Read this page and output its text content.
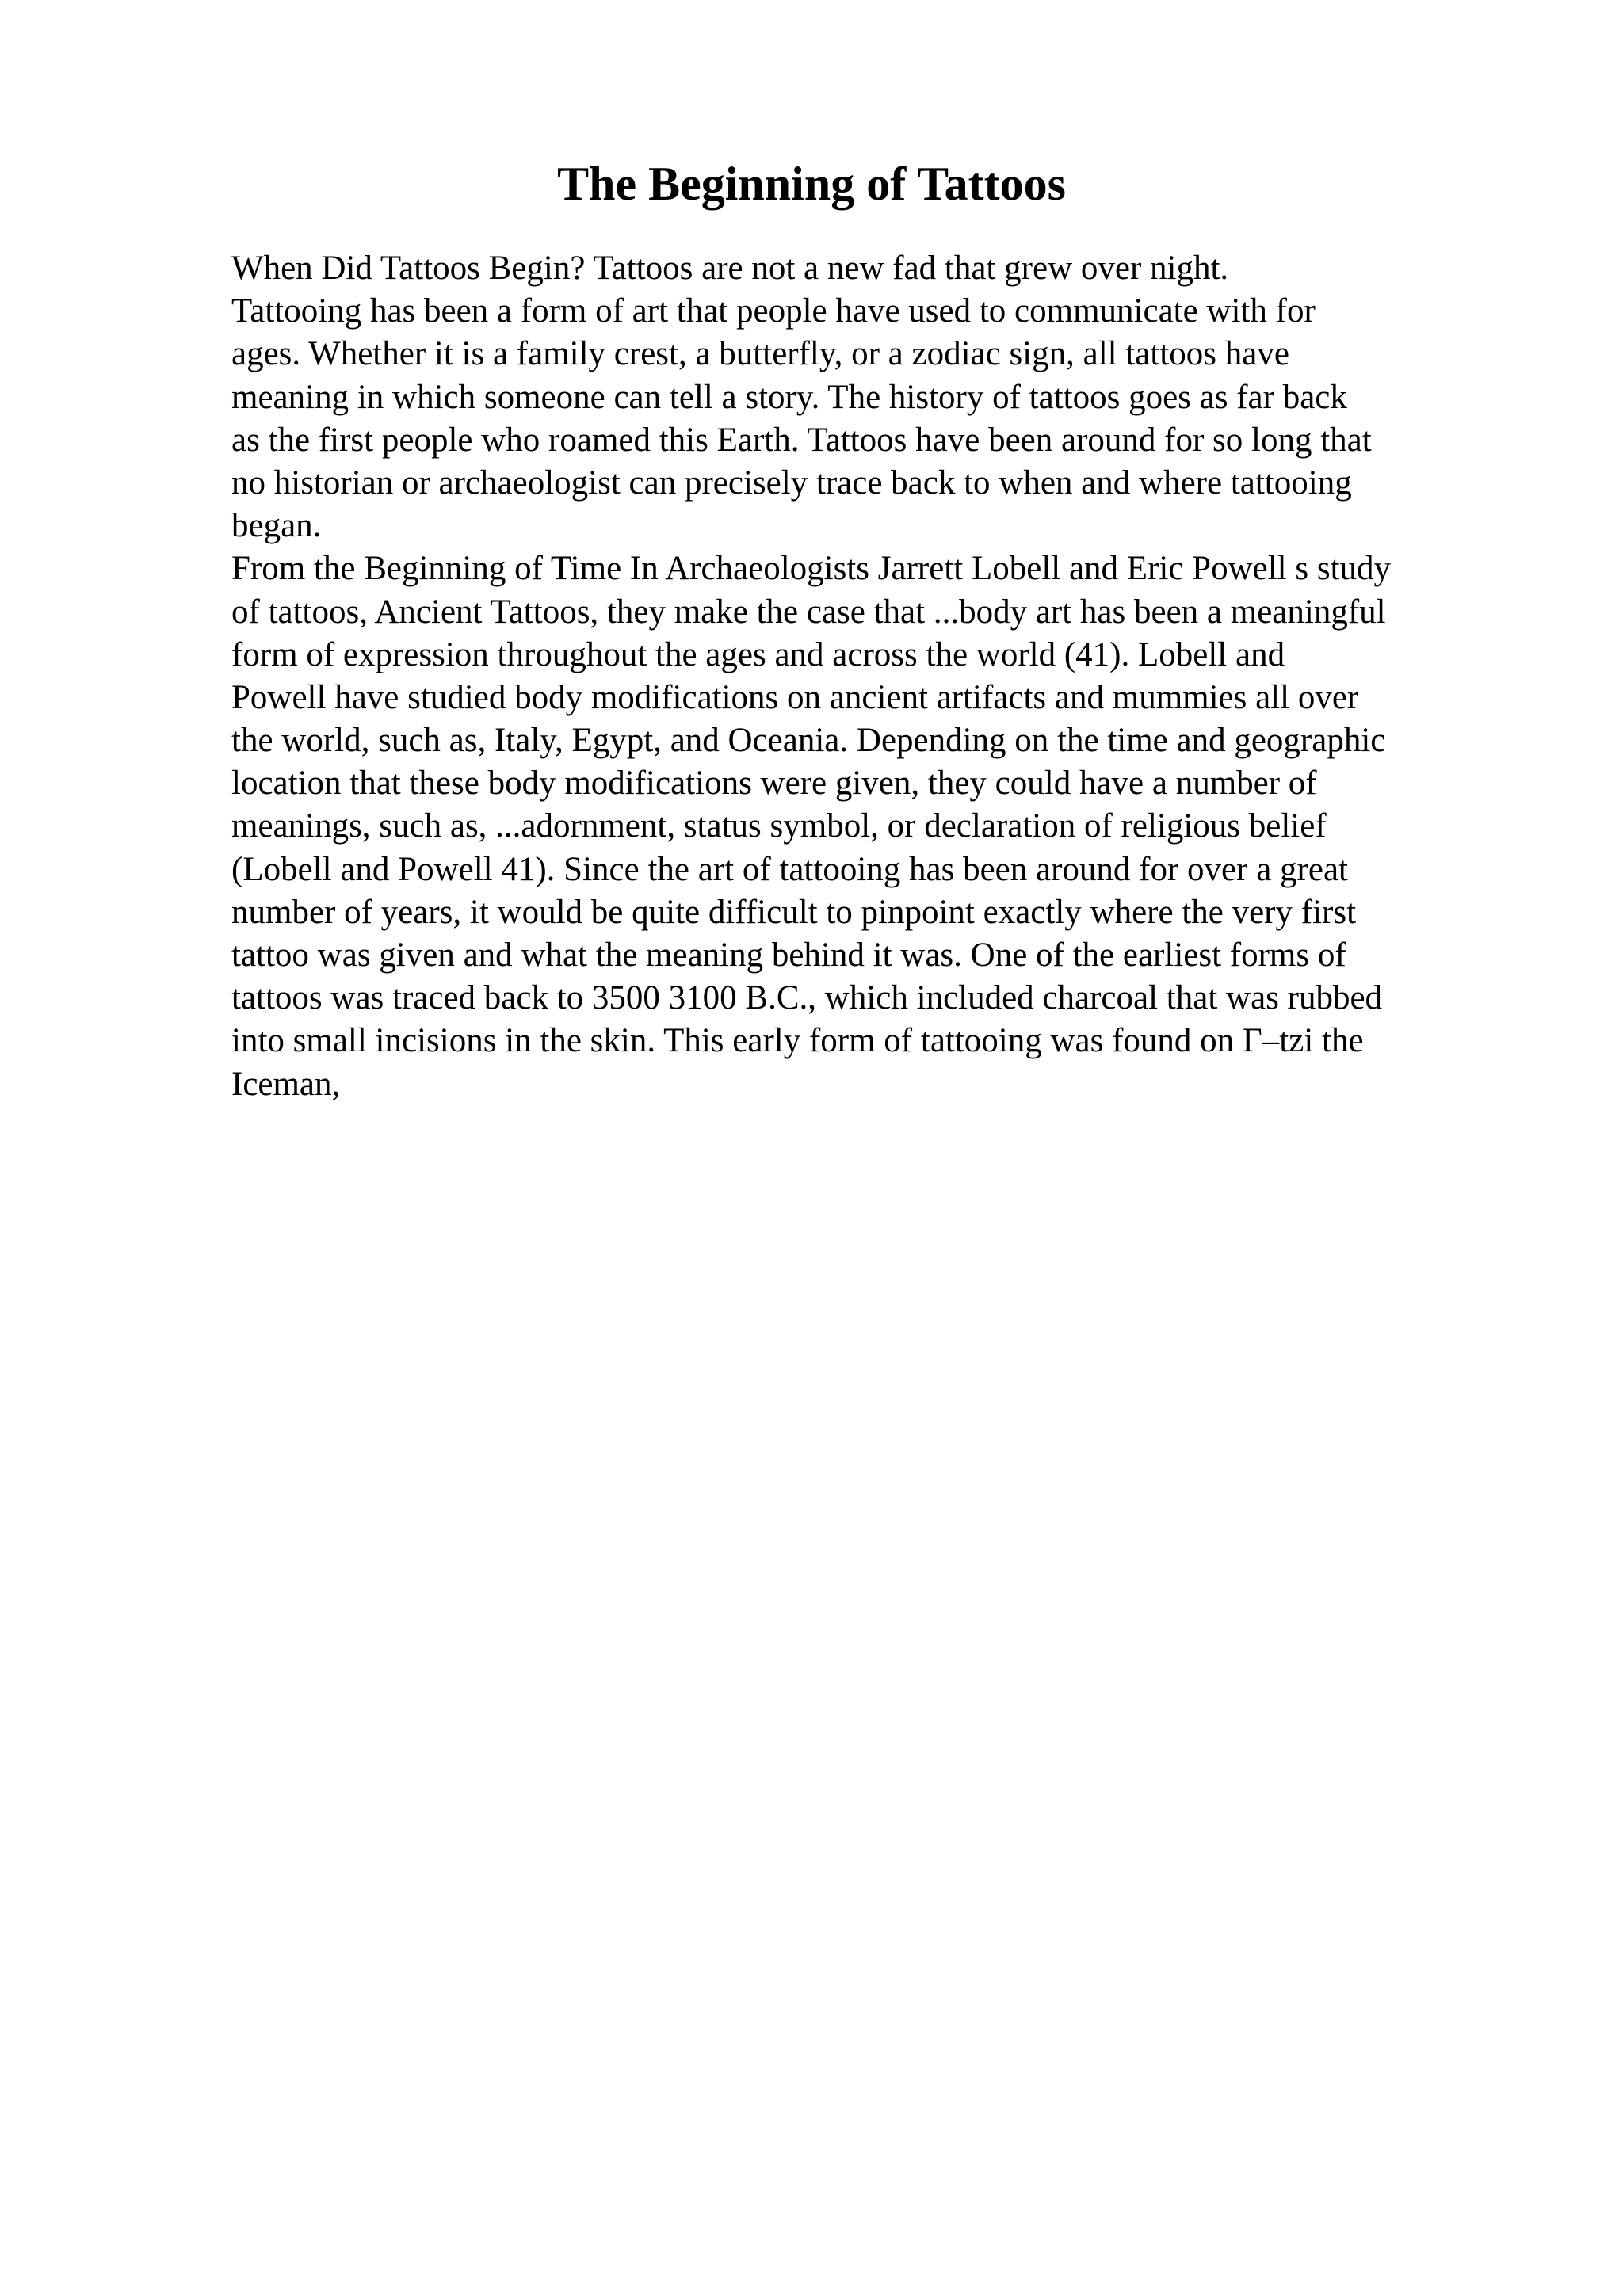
The Beginning of Tattoos
When Did Tattoos Begin? Tattoos are not a new fad that grew over night.
Tattooing has been a form of art that people have used to communicate with for
ages. Whether it is a family crest, a butterfly, or a zodiac sign, all tattoos have
meaning in which someone can tell a story. The history of tattoos goes as far back
as the first people who roamed this Earth. Tattoos have been around for so long that
no historian or archaeologist can precisely trace back to when and where tattooing
began.
From the Beginning of Time In Archaeologists Jarrett Lobell and Eric Powell s study
of tattoos, Ancient Tattoos, they make the case that ...body art has been a meaningful
form of expression throughout the ages and across the world (41). Lobell and
Powell have studied body modifications on ancient artifacts and mummies all over
the world, such as, Italy, Egypt, and Oceania. Depending on the time and geographic
location that these body modifications were given, they could have a number of
meanings, such as, ...adornment, status symbol, or declaration of religious belief
(Lobell and Powell 41). Since the art of tattooing has been around for over a great
number of years, it would be quite difficult to pinpoint exactly where the very first
tattoo was given and what the meaning behind it was. One of the earliest forms of
tattoos was traced back to 3500 3100 B.C., which included charcoal that was rubbed
into small incisions in the skin. This early form of tattooing was found on Γ–tzi the
Iceman,
